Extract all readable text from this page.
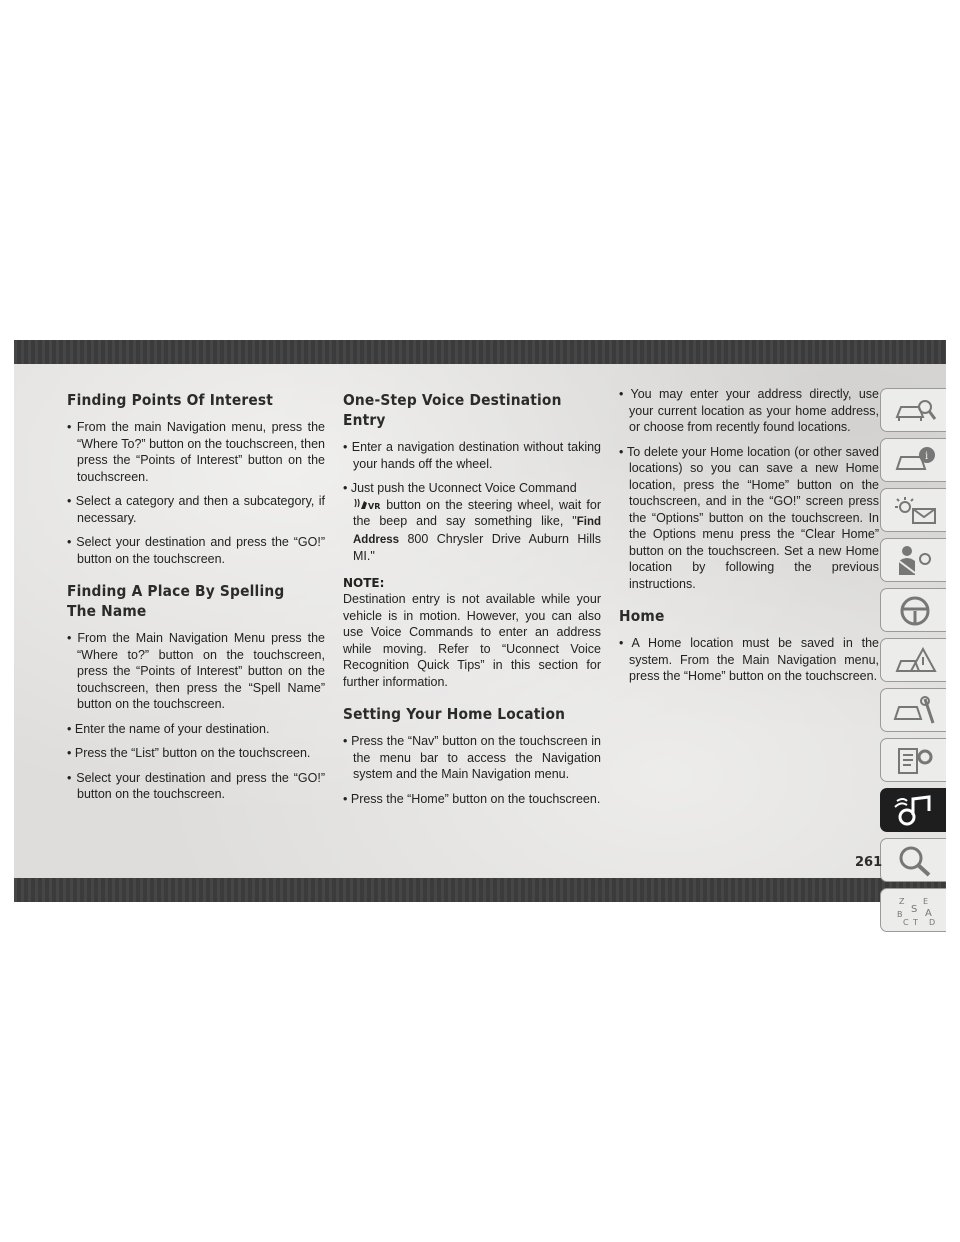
Finding Points Of Interest

• From the main Navigation menu, press the “Where To?” button on the touchscreen, then press the “Points of Interest” button on the touchscreen.

• Select a category and then a subcategory, if necessary.

• Select your destination and press the “GO!” button on the touchscreen.

Finding A Place By Spelling The Name

• From the Main Navigation Menu press the “Where to?” button on the touchscreen, press the “Points of Interest” button on the touchscreen, then press the “Spell Name” button on the touchscreen.

• Enter the name of your destination.

• Press the “List” button on the touchscreen.

• Select your destination and press the “GO!” button on the touchscreen.

One-Step Voice Destination Entry

• Enter a navigation destination without taking your hands off the wheel.

• Just push the Uconnect Voice Command

VR button on the steering wheel, wait for the beep and say something like, "Find Address 800 Chrysler Drive Auburn Hills MI."

NOTE:

Destination entry is not available while your vehicle is in motion. However, you can also use Voice Commands to enter an address while moving. Refer to “Uconnect Voice Recognition Quick Tips” in this section for further information.

Setting Your Home Location

• Press the “Nav” button on the touchscreen in the menu bar to access the Navigation system and the Main Navigation menu.

• Press the “Home” button on the touchscreen.

• You may enter your address directly, use your current location as your home address, or choose from recently found locations.

• To delete your Home location (or other saved locations) so you can save a new Home location, press the “Home” button on the touchscreen, and in the “GO!” screen press the “Options” button on the touchscreen. In the Options menu press the “Clear Home” button on the touchscreen. Set a new Home location by following the previous instructions.

Home

• A Home location must be saved in the system. From the Main Navigation menu, press the “Home” button on the touchscreen.

i
Z E
S A
B
C T D
261
